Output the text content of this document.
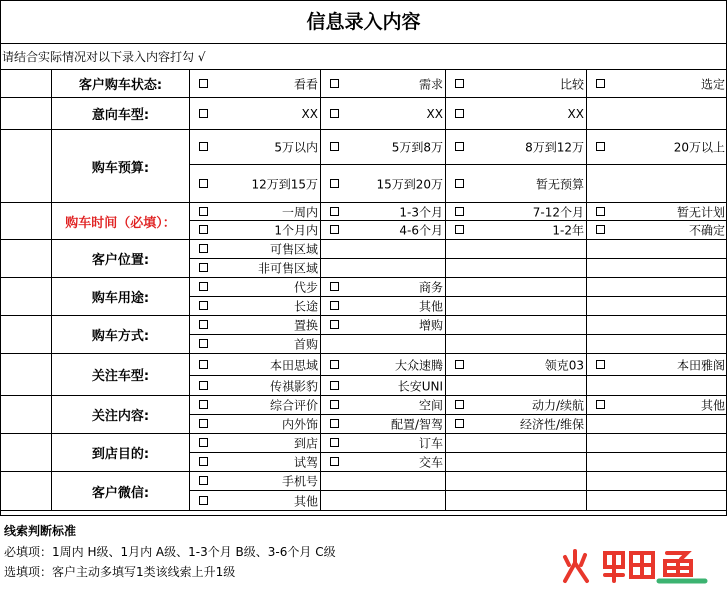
信息录入内容
请结合实际情况对以下录入内容打勾 √
	客户购车状态:	看看	需求	比较	选定

	意向车型:	XX	XX	XX	

	购车预算:	5万以内	5万到8万	8万到12万	20万以上

		12万到15万	15万到20万	暂无预算	

	购车时间（必填）：	一周内	1-3个月	7-12个月	暂无计划

		1个月内	4-6个月	1-2年	不确定

	客户位置:	可售区域			

		非可售区域			

	购车用途:	代步	商务		

		长途	其他		

	购车方式:	置换	增购		

		首购			

	关注车型:	本田思域	大众速腾	领克03	本田雅阁

		传祺影豹	长安UNI		

	关注内容:	综合评价	空间	动力/续航	其他

		内外饰	配置/智驾	经济性/维保	

	到店目的:	到店	订车		

		试驾	交车		

	客户微信:	手机号			

		其他			

线索判断标准
必填项：1周内 H级、1月内 A级、1-3个月 B级、3-6个月 C级
选填项：客户主动多填写1类该线索上升1级
